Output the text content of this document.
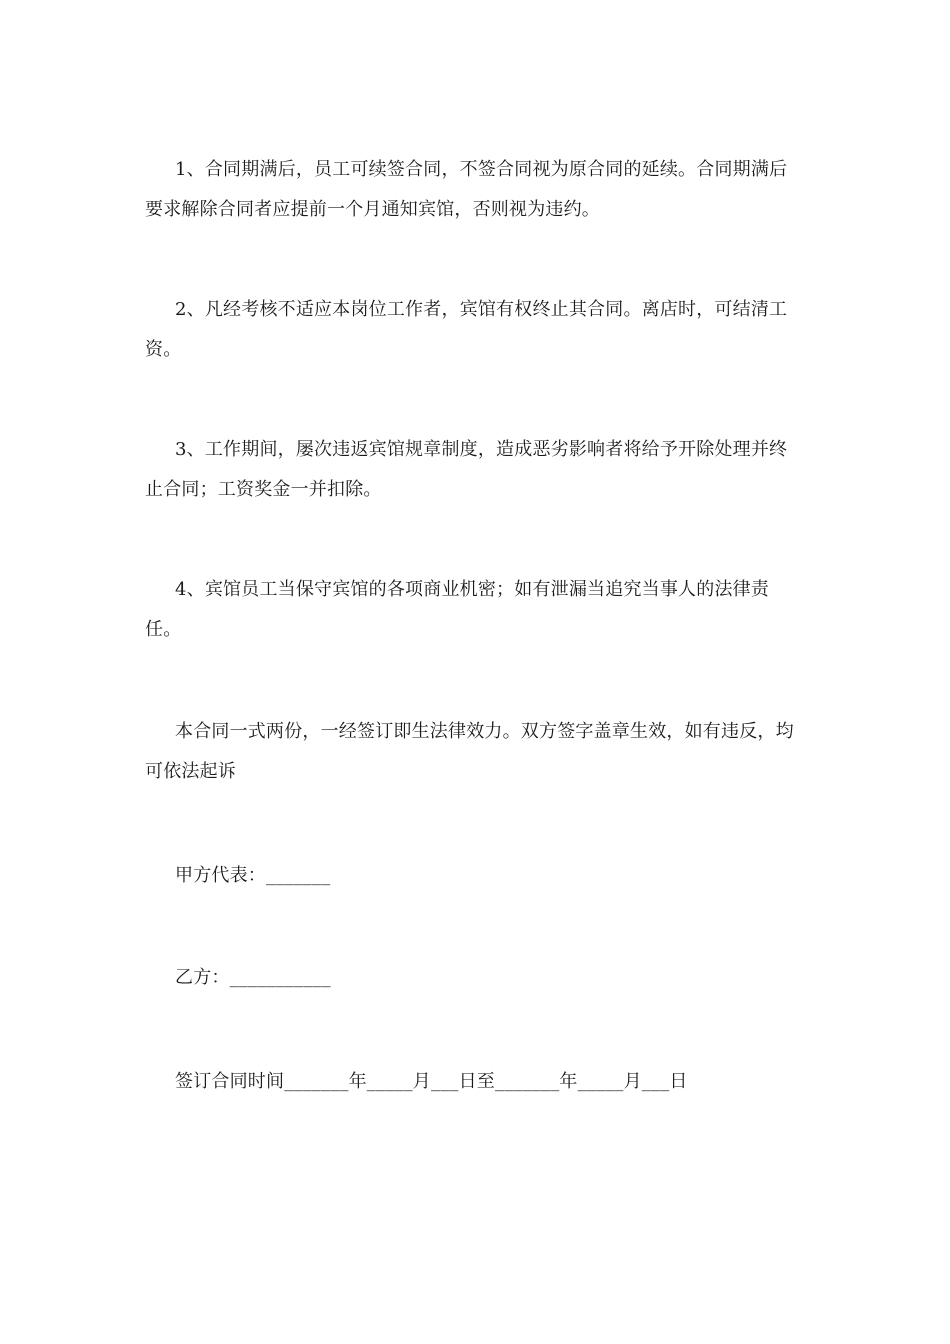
1、合同期满后，员工可续签合同，不签合同视为原合同的延续。合同期满后要求解除合同者应提前一个月通知宾馆，否则视为违约。

2、凡经考核不适应本岗位工作者，宾馆有权终止其合同。离店时，可结清工资。

3、工作期间，屡次违返宾馆规章制度，造成恶劣影响者将给予开除处理并终止合同；工资奖金一并扣除。

4、宾馆员工当保守宾馆的各项商业机密；如有泄漏当追究当事人的法律责任。

本合同一式两份，一经签订即生法律效力。双方签字盖章生效，如有违反，均可依法起诉

甲方代表：_______

乙方：___________

签订合同时间_______年_____月___日至_______年_____月___日
